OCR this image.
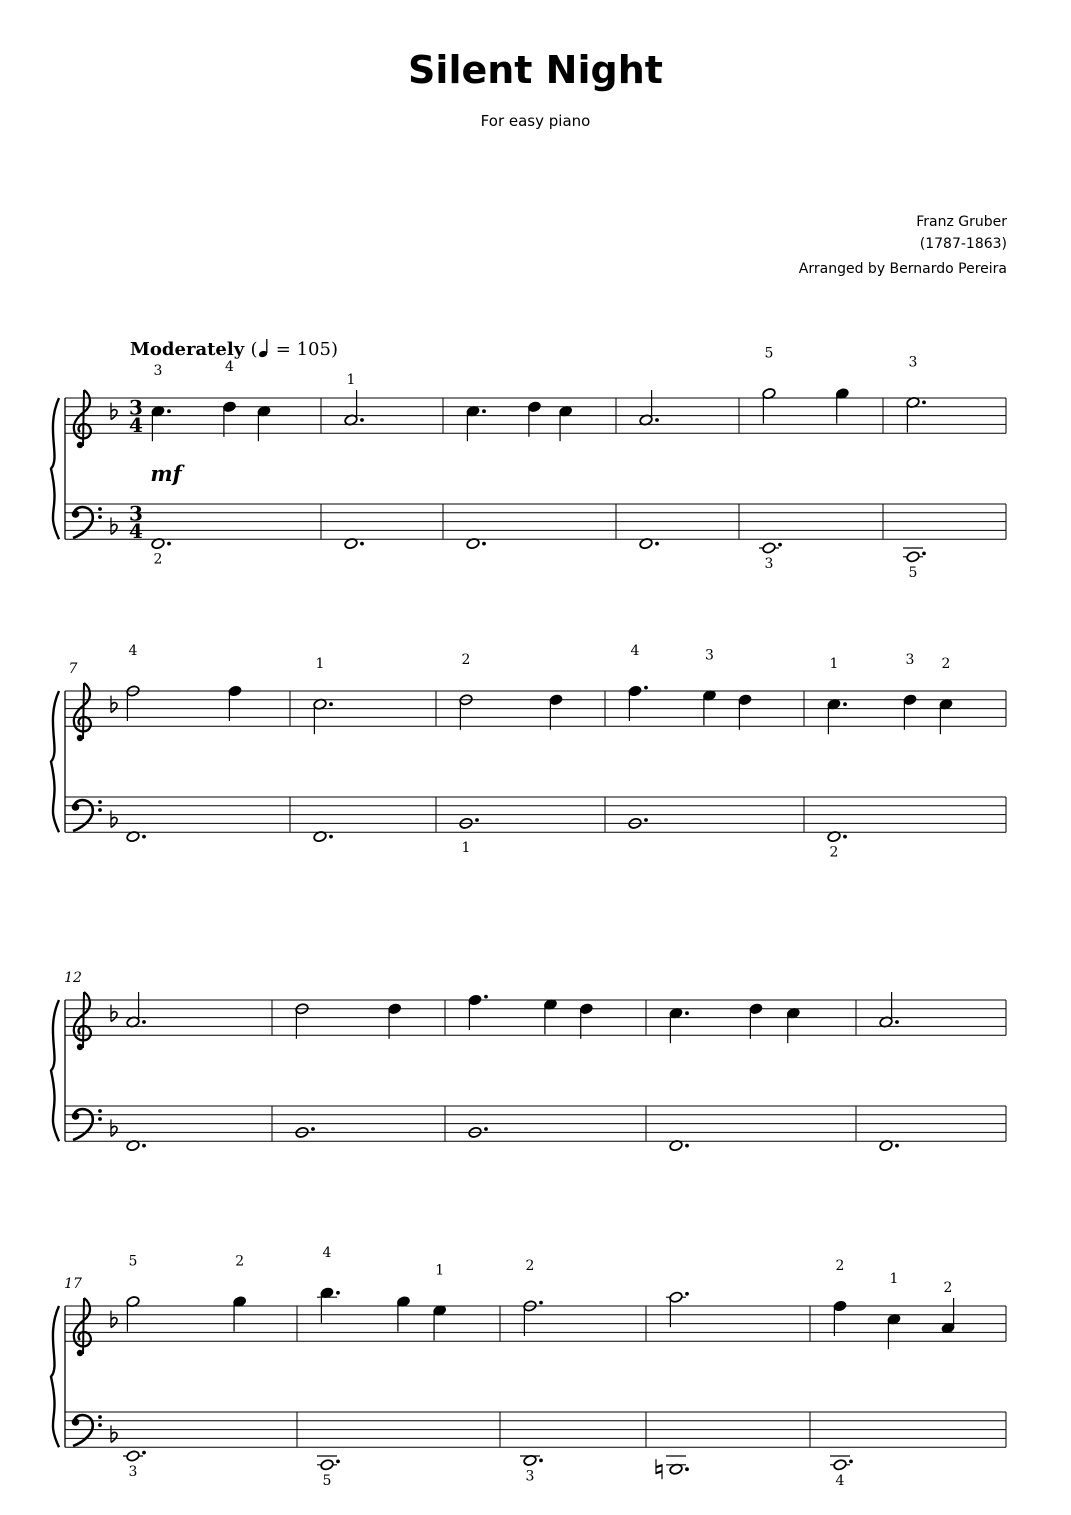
Silent Night
For easy piano
Franz Gruber
(1787-1863)
Arranged by Bernardo Pereira
Moderately ( = 105)
3
4
3
4
mf
3	4
2
1
5
3
3
5
7
4
1	2
1
4	3
1	3 2
2
12
17
5	2
3
4
1
5
2
3
2
1
2
4
